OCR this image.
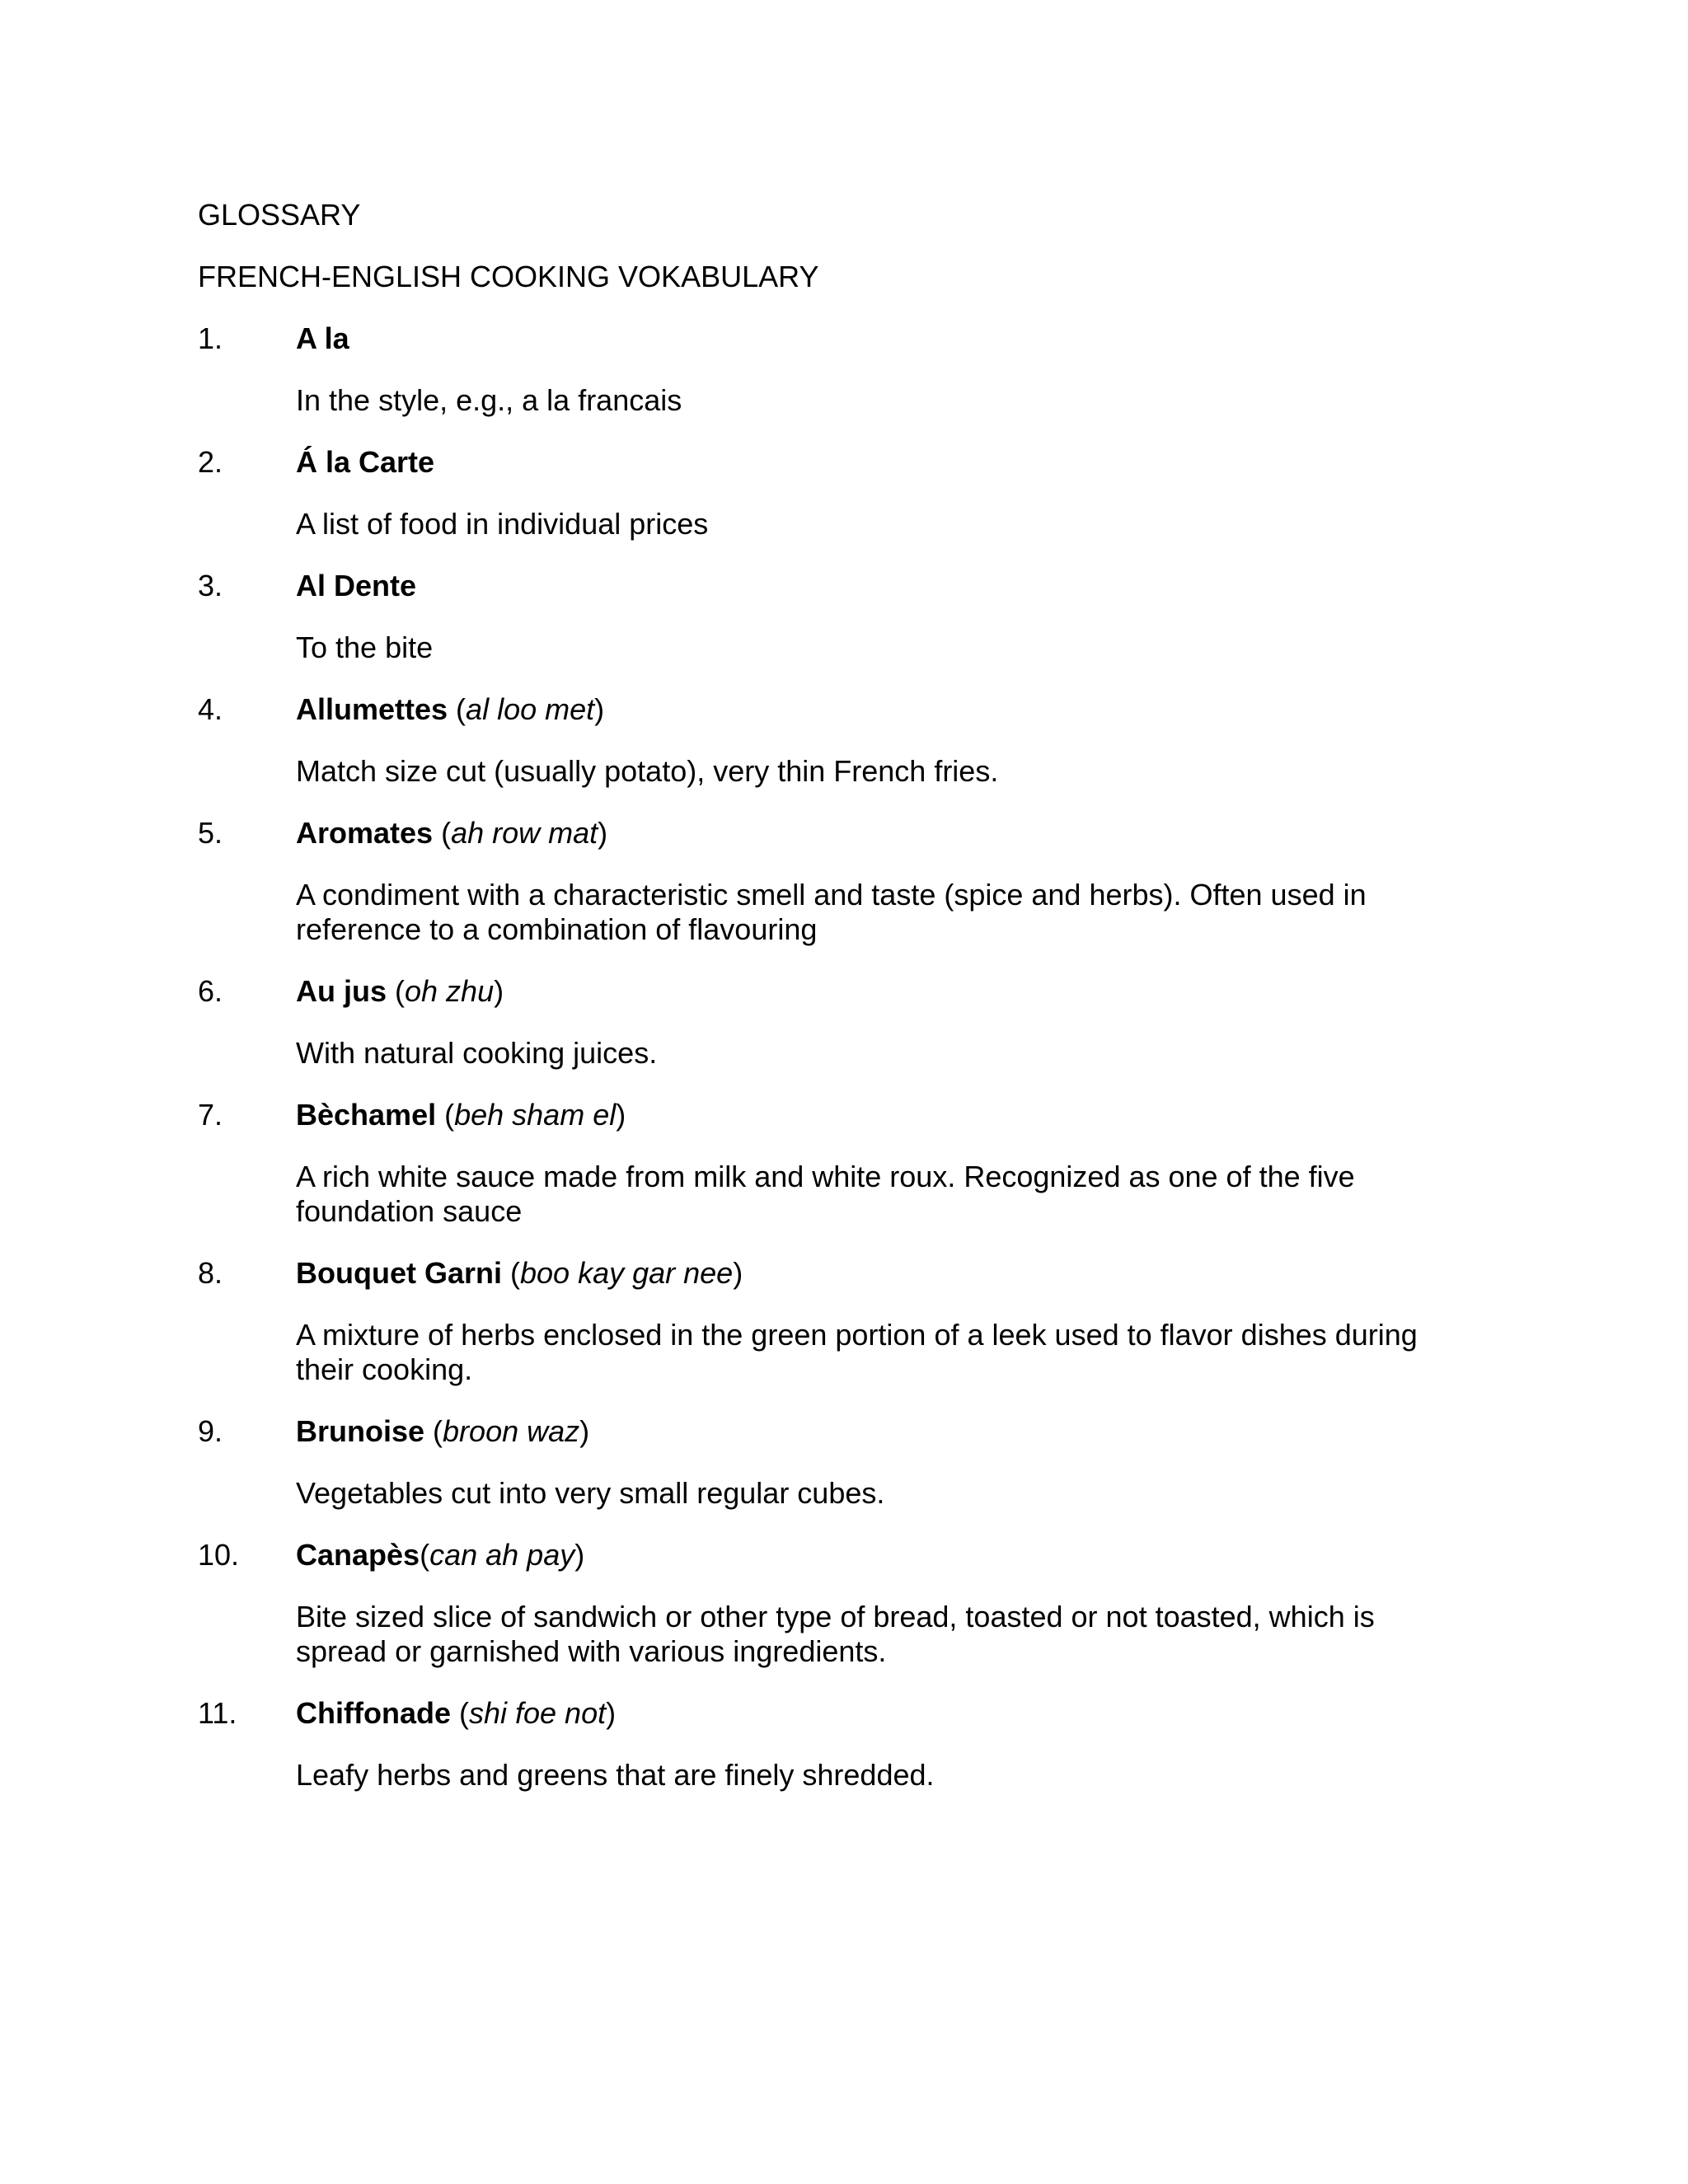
GLOSSARY
FRENCH-ENGLISH COOKING VOKABULARY
1. A la
In the style, e.g., a la francais
2. Á la Carte
A list of food in individual prices
3. Al Dente
To the bite
4. Allumettes (al loo met)
Match size cut (usually potato), very thin French fries.
5. Aromates (ah row mat)
A condiment with a characteristic smell and taste (spice and herbs). Often used in reference to a combination of flavouring
6. Au jus (oh zhu)
With natural cooking juices.
7. Bèchamel (beh sham el)
A rich white sauce made from milk and white roux. Recognized as one of the five foundation sauce
8. Bouquet Garni (boo kay gar nee)
A mixture of herbs enclosed in the green portion of a leek used to flavor dishes during their cooking.
9. Brunoise (broon waz)
Vegetables cut into very small regular cubes.
10. Canapès(can ah pay)
Bite sized slice of sandwich or other type of bread, toasted or not toasted, which is spread or garnished with various ingredients.
11. Chiffonade (shi foe not)
Leafy herbs and greens that are finely shredded.
